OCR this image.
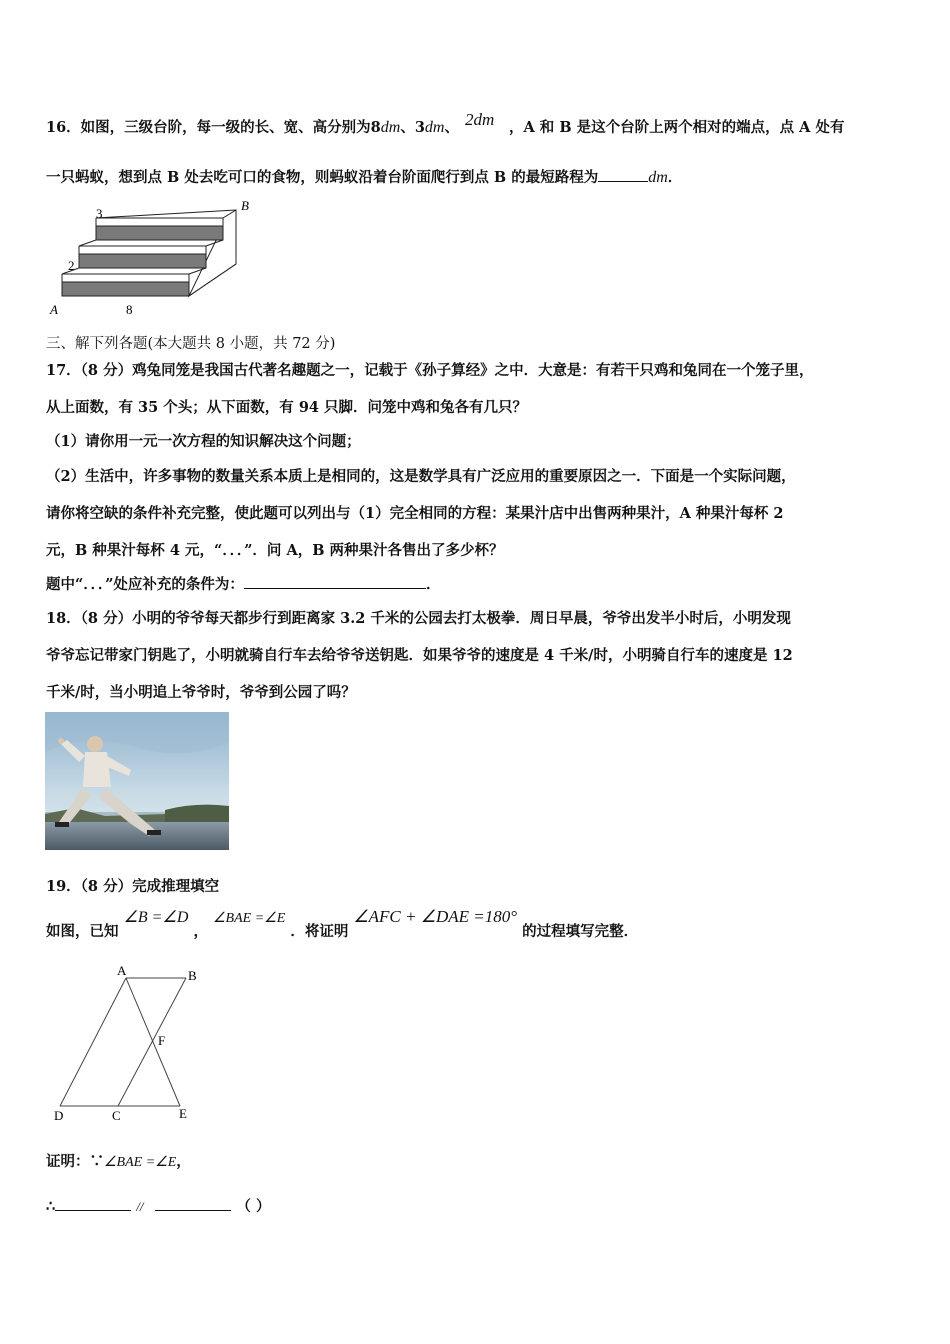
16．如图，三级台阶，每一级的长、宽、高分别为8dm、3dm、 2dm ，A 和 B 是这个台阶上两个相对的端点，点 A 处有
一只蚂蚁，想到点 B 处去吃可口的食物，则蚂蚁沿着台阶面爬行到点 B 的最短路程为	dm．
3
2
8
A
B
三、解下列各题(本大题共 8 小题，共 72 分)
17．（8 分）鸡兔同笼是我国古代著名趣题之一，记载于《孙子算经》之中．大意是：有若干只鸡和兔同在一个笼子里，
从上面数，有 35 个头；从下面数，有 94 只脚．问笼中鸡和兔各有几只？
（1）请你用一元一次方程的知识解决这个问题；
（2）生活中，许多事物的数量关系本质上是相同的，这是数学具有广泛应用的重要原因之一．下面是一个实际问题，
请你将空缺的条件补充完整，使此题可以列出与（1）完全相同的方程：某果汁店中出售两种果汁，A 种果汁每杯 2
元，B 种果汁每杯 4 元，“．．．”．问 A，B 两种果汁各售出了多少杯？
题中“．．．”处应补充的条件为：	．
18．（8 分）小明的爷爷每天都步行到距离家 3.2 千米的公园去打太极拳．周日早晨，爷爷出发半小时后，小明发现
爷爷忘记带家门钥匙了，小明就骑自行车去给爷爷送钥匙．如果爷爷的速度是 4 千米/时，小明骑自行车的速度是 12
千米/时，当小明追上爷爷时，爷爷到公园了吗？
19．（8 分）完成推理填空
如图，已知 ∠B =∠D ， ∠BAE =∠E ．将证明 ∠AFC + ∠DAE =180° 的过程填写完整．
A	B
F
D	C	E
证明：∵∠BAE =∠E，
∴	//	（ ）
